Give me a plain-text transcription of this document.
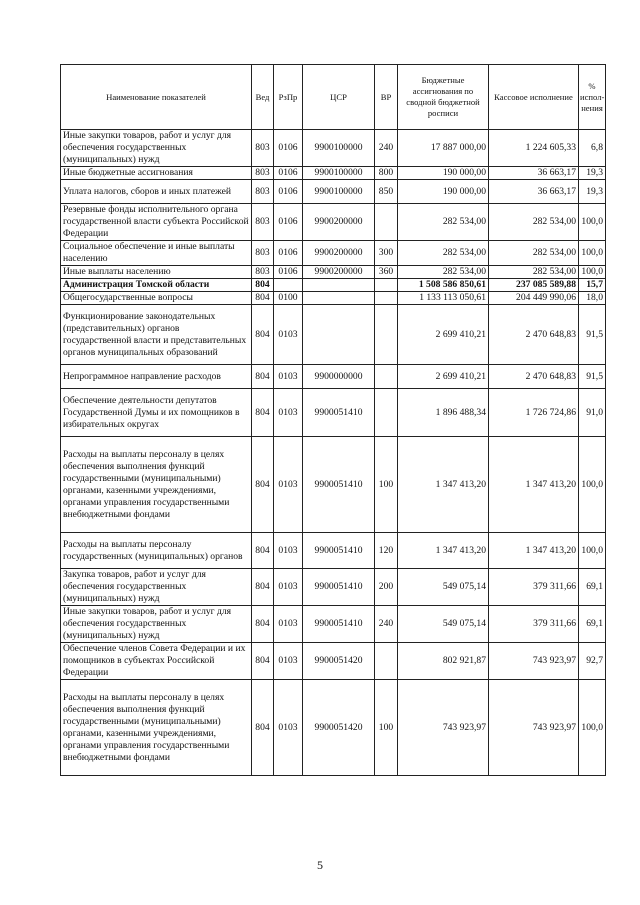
Наименование показателей	Вед	РзПр	ЦСР	ВР	Бюджетные ассигнования по сводной бюджетной росписи	Кассовое исполнение	% испол-нения
Иные закупки товаров, работ и услуг для обеспечения государственных (муниципальных) нужд	803	0106	9900100000	240	17 887 000,00	1 224 605,33	6,8
Иные бюджетные ассигнования	803	0106	9900100000	800	190 000,00	36 663,17	19,3
Уплата налогов, сборов и иных платежей	803	0106	9900100000	850	190 000,00	36 663,17	19,3
Резервные фонды исполнительного органа государственной власти субъекта Российской Федерации	803	0106	9900200000		282 534,00	282 534,00	100,0
Социальное обеспечение и иные выплаты населению	803	0106	9900200000	300	282 534,00	282 534,00	100,0
Иные выплаты населению	803	0106	9900200000	360	282 534,00	282 534,00	100,0
Администрация Томской области	804				1 508 586 850,61	237 085 589,88	15,7
Общегосударственные вопросы	804	0100			1 133 113 050,61	204 449 990,06	18,0
Функционирование законодательных (представительных) органов государственной власти и представительных органов муниципальных образований	804	0103			2 699 410,21	2 470 648,83	91,5
Непрограммное направление расходов	804	0103	9900000000		2 699 410,21	2 470 648,83	91,5
Обеспечение деятельности депутатов Государственной Думы и их помощников в избирательных округах	804	0103	9900051410		1 896 488,34	1 726 724,86	91,0
Расходы на выплаты персоналу в целях обеспечения выполнения функций государственными (муниципальными) органами, казенными учреждениями, органами управления государственными внебюджетными фондами	804	0103	9900051410	100	1 347 413,20	1 347 413,20	100,0
Расходы на выплаты персоналу государственных (муниципальных) органов	804	0103	9900051410	120	1 347 413,20	1 347 413,20	100,0
Закупка товаров, работ и услуг для обеспечения государственных (муниципальных) нужд	804	0103	9900051410	200	549 075,14	379 311,66	69,1
Иные закупки товаров, работ и услуг для обеспечения государственных (муниципальных) нужд	804	0103	9900051410	240	549 075,14	379 311,66	69,1
Обеспечение членов Совета Федерации и их помощников в субъектах Российской Федерации	804	0103	9900051420		802 921,87	743 923,97	92,7
Расходы на выплаты персоналу в целях обеспечения выполнения функций государственными (муниципальными) органами, казенными учреждениями, органами управления государственными внебюджетными фондами	804	0103	9900051420	100	743 923,97	743 923,97	100,0
5
